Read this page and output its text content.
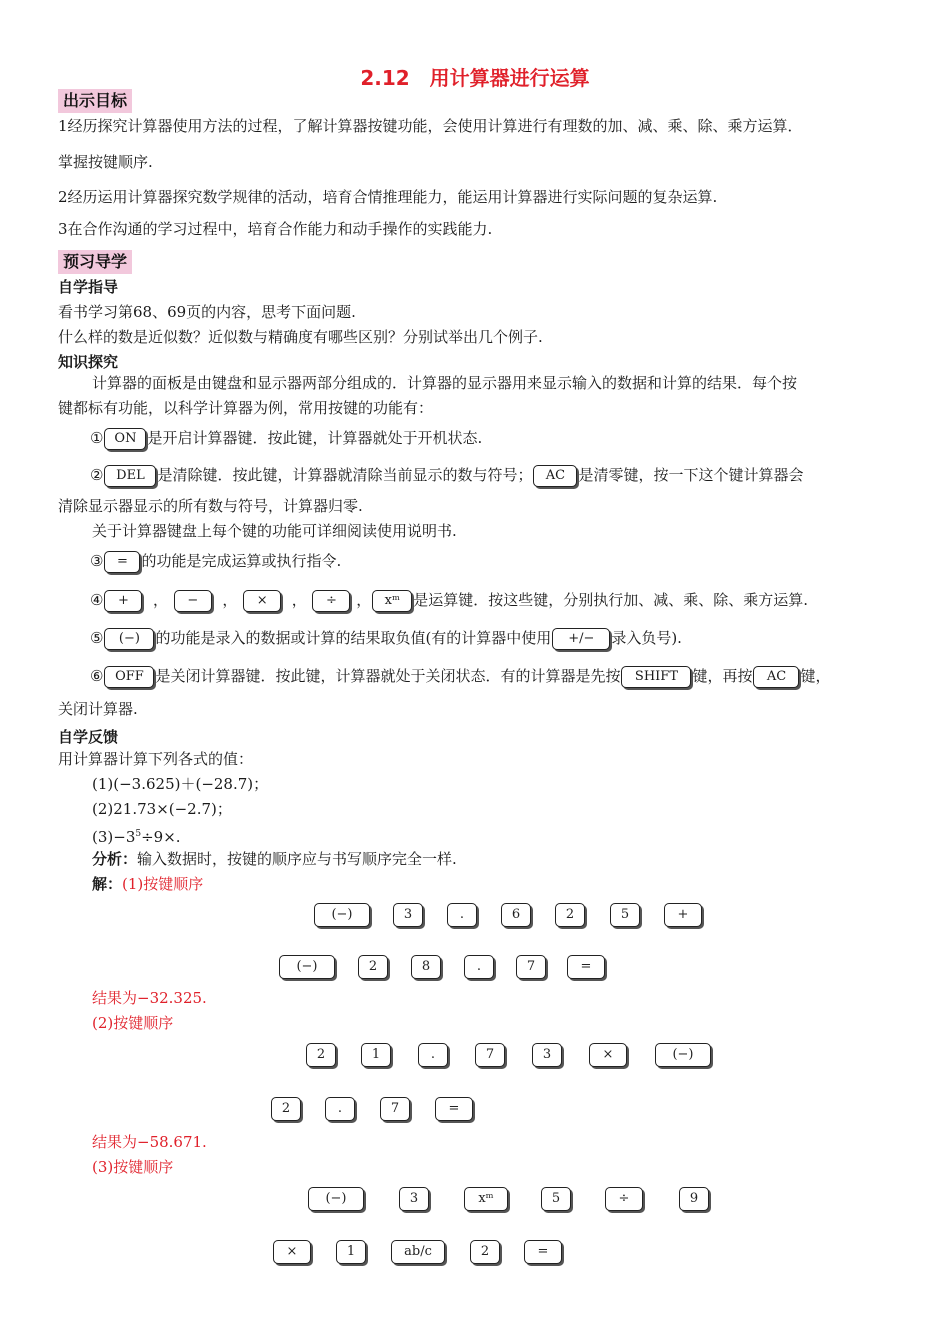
2.12　用计算器进行运算
出示目标
1经历探究计算器使用方法的过程，了解计算器按键功能，会使用计算进行有理数的加、减、乘、除、乘方运算．
掌握按键顺序.
2经历运用计算器探究数学规律的活动，培育合情推理能力，能运用计算器进行实际问题的复杂运算.
3在合作沟通的学习过程中，培育合作能力和动手操作的实践能力.
预习导学
自学指导
看书学习第68、69页的内容，思考下面问题.
什么样的数是近似数？近似数与精确度有哪些区别？分别试举出几个例子.
知识探究
计算器的面板是由键盘和显示器两部分组成的．计算器的显示器用来显示输入的数据和计算的结果．每个按
键都标有功能，以科学计算器为例，常用按键的功能有：
① ON 是开启计算器键．按此键，计算器就处于开机状态.
② DEL 是清除键．按此键，计算器就清除当前显示的数与符号； AC 是清零键，按一下这个键计算器会
清除显示器显示的所有数与符号，计算器归零.
关于计算器键盘上每个键的功能可详细阅读使用说明书.
③ = 的功能是完成运算或执行指令.
④ + ， − ， × ， ÷ ， xᵐ 是运算键．按这些键，分别执行加、减、乘、除、乘方运算.
⑤ (−) 的功能是录入的数据或计算的结果取负值(有的计算器中使用 +/− 录入负号).
⑥ OFF 是关闭计算器键．按此键，计算器就处于关闭状态．有的计算器是先按 SHIFT 键，再按 AC 键，
关闭计算器.
自学反馈
用计算器计算下列各式的值：
(1)(−3.625)＋(−28.7)；
(2)21.73×(−2.7)；
$(3)-3^5\div 9\times$.
分析：输入数据时，按键的顺序应与书写顺序完全一样.
解：(1)按键顺序
(−)	3	.	6	2	5	+
(−)	2	8	.	7	=
结果为−32.325.
(2)按键顺序
2	1	.	7	3	×	(−)
2	.	7	=
结果为−58.671.
(3)按键顺序
(−)	3	xᵐ	5	÷	9
×	1	ab/c	2	=
